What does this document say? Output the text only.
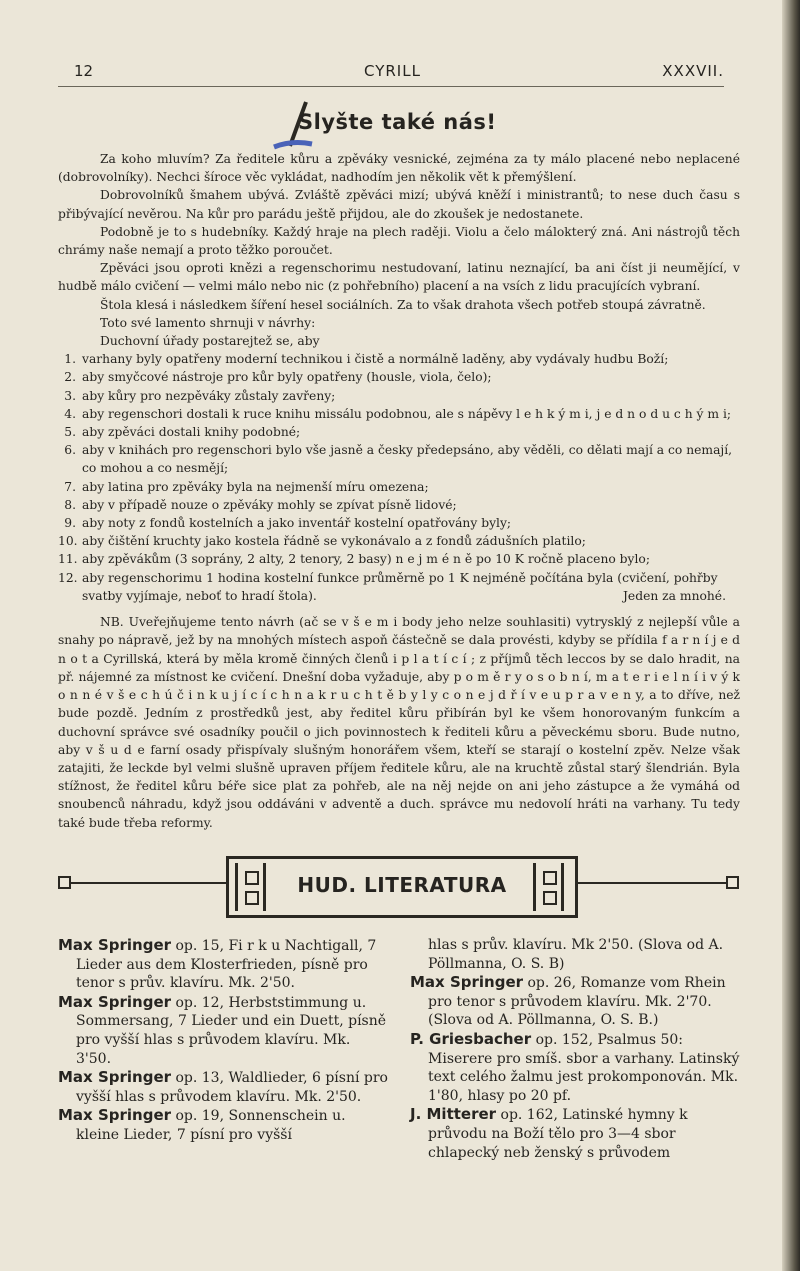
12	CYRILL	XXXVII.
Slyšte také nás!

Za koho mluvím? Za ředitele kůru a zpěváky vesnické, zejména za ty málo placené nebo neplacené (dobrovolníky). Nechci šíroce věc vykládat, nadhodím jen několik vět k přemýšlení.

Dobrovolníků šmahem ubývá. Zvláště zpěváci mizí; ubývá kněží i ministrantů; to nese duch času s přibývající nevěrou. Na kůr pro parádu ještě přijdou, ale do zkoušek je nedostanete.

Podobně je to s hudebníky. Každý hraje na plech raději. Violu a čelo málokterý zná. Ani nástrojů těch chrámy naše nemají a proto těžko poroučet.

Zpěváci jsou oproti knězi a regenschorimu nestudovaní, latinu neznající, ba ani číst ji neumějící, v hudbě málo cvičení — velmi málo nebo nic (z pohřebního) placení a na vsích z lidu pracujících vybraní.

Štola klesá i následkem šíření hesel sociálních. Za to však drahota všech potřeb stoupá závratně.

Toto své lamento shrnuji v návrhy:

Duchovní úřady postarejtež se, aby

1. varhany byly opatřeny moderní technikou i čistě a normálně laděny, aby vydávaly hudbu Boží;
2. aby smyčcové nástroje pro kůr byly opatřeny (housle, viola, čelo);
3. aby kůry pro nezpěváky zůstaly zavřeny;
4. aby regenschori dostali k ruce knihu missálu podobnou, ale s nápěvy l e h k ý m i, j e d n o d u c h ý m i;
5. aby zpěváci dostali knihy podobné;
6. aby v knihách pro regenschori bylo vše jasně a česky předepsáno, aby věděli, co dělati mají a co nemají, co mohou a co nesmějí;
7. aby latina pro zpěváky byla na nejmenší míru omezena;
8. aby v případě nouze o zpěváky mohly se zpívat písně lidové;
9. aby noty z fondů kostelních a jako inventář kostelní opatřovány byly;
10. aby čištění kruchty jako kostela řádně se vykonávalo a z fondů zádušních platilo;
11. aby zpěvákům (3 soprány, 2 alty, 2 tenory, 2 basy) n e j m é n ě po 10 K ročně placeno bylo;
12. aby regenschorimu 1 hodina kostelní funkce průměrně po 1 K nejméně počítána byla (cvičení, pohřby svatby vyjímaje, neboť to hradí štola).	Jeden za mnohé.

NB. Uveřejňujeme tento návrh (ač se v š e m i body jeho nelze souhlasiti) vytrysklý z nejlepší vůle a snahy po nápravě, jež by na mnohých místech aspoň částečně se dala provésti, kdyby se přídila f a r n í j e d n o t a Cyrillská, která by měla kromě činných členů i p l a t í c í ; z příjmů těch leccos by se dalo hradit, na př. nájemné za místnost ke cvičení. Dnešní doba vyžaduje, aby p o m ě r y o s o b n í, m a t e r i e l n í i v ý k o n n é v š e c h ú č i n k u j í c í c h n a k r u c h t ě b y l y c o n e j d ř í v e u p r a v e n y, a to dříve, než bude pozdě. Jedním z prostředků jest, aby ředitel kůru přibírán byl ke všem honorovaným funkcím a duchovní správce své osadníky poučil o jich povinnostech k řediteli kůru a pěveckému sboru. Bude nutno, aby v š u d e farní osady přispívaly slušným honorářem všem, kteří se starají o kostelní zpěv. Nelze však zatajiti, že leckde byl velmi slušně upraven příjem ředitele kůru, ale na kruchtě zůstal starý šlendrián. Byla stížnost, že ředitel kůru béře sice plat za pohřeb, ale na něj nejde on ani jeho zástupce a že vymáhá od snoubenců náhradu, když jsou oddáváni v adventě a duch. správce mu nedovolí hráti na varhany. Tu tedy také bude třeba reformy.

HUD. LITERATURA

Max Springer op. 15, Fi r k u Nachtigall, 7 Lieder aus dem Klosterfrieden, písně pro tenor s prův. klavíru. Mk. 2'50.

Max Springer op. 12, Herbststimmung u. Sommersang, 7 Lieder und ein Duett, písně pro vyšší hlas s průvodem klavíru. Mk. 3'50.

Max Springer op. 13, Waldlieder, 6 písní pro vyšší hlas s průvodem klavíru. Mk. 2'50.

Max Springer op. 19, Sonnenschein u. kleine Lieder, 7 písní pro vyšší

hlas s prův. klavíru. Mk 2'50. (Slova od A. Pöllmanna, O. S. B)

Max Springer op. 26, Romanze vom Rhein pro tenor s průvodem klavíru. Mk. 2'70. (Slova od A. Pöllmanna, O. S. B.)

P. Griesbacher op. 152, Psalmus 50: Miserere pro smíš. sbor a varhany. Latinský text celého žalmu jest prokomponován. Mk. 1'80, hlasy po 20 pf.

J. Mitterer op. 162, Latinské hymny k průvodu na Boží tělo pro 3—4 sbor chlapecký neb ženský s průvodem
